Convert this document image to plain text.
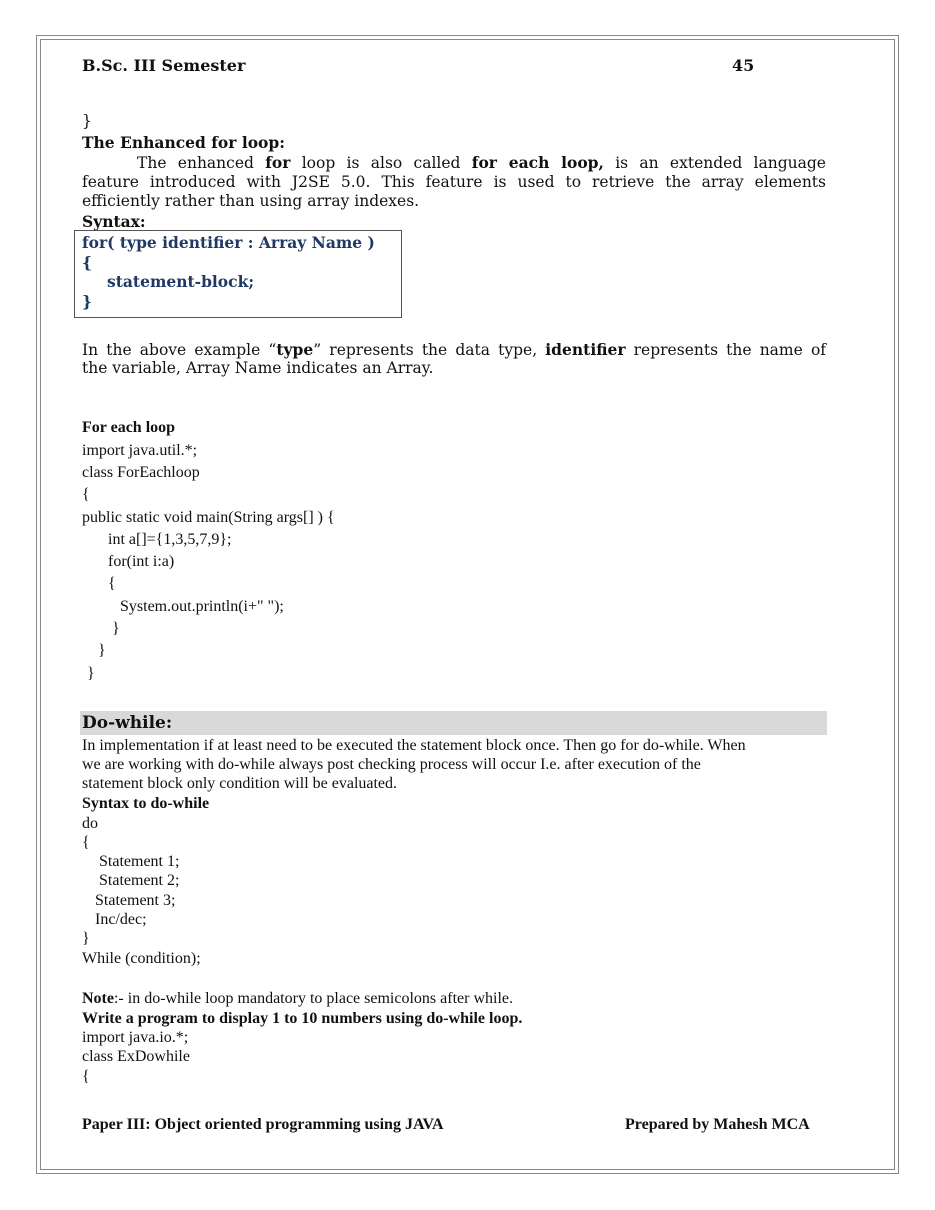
B.Sc. III Semester	45
}
The Enhanced for loop:
The enhanced for loop is also called for each loop, is an extended language
feature introduced with J2SE 5.0. This feature is used to retrieve the array elements
efficiently rather than using array indexes.
Syntax:
for( type identifier : Array Name )
{
statement-block;
}
In the above example “type” represents the data type, identifier represents the name of
the variable, Array Name indicates an Array.
For each loop
import java.util.*;
class ForEachloop
{
public static void main(String args[] ) {
int a[]={1,3,5,7,9};
for(int i:a)
{
System.out.println(i+" ");
}
}
}
Do-while:
In implementation if at least need to be executed the statement block once. Then go for do-while. When
we are working with do-while always post checking process will occur I.e. after execution of the
statement block only condition will be evaluated.
Syntax to do-while
do
{
Statement 1;
Statement 2;
Statement 3;
Inc/dec;
}
While (condition);
Note:- in do-while loop mandatory to place semicolons after while.
Write a program to display 1 to 10 numbers using do-while loop.
import java.io.*;
class ExDowhile
{
Paper III: Object oriented programming using JAVA	Prepared by Mahesh MCA
